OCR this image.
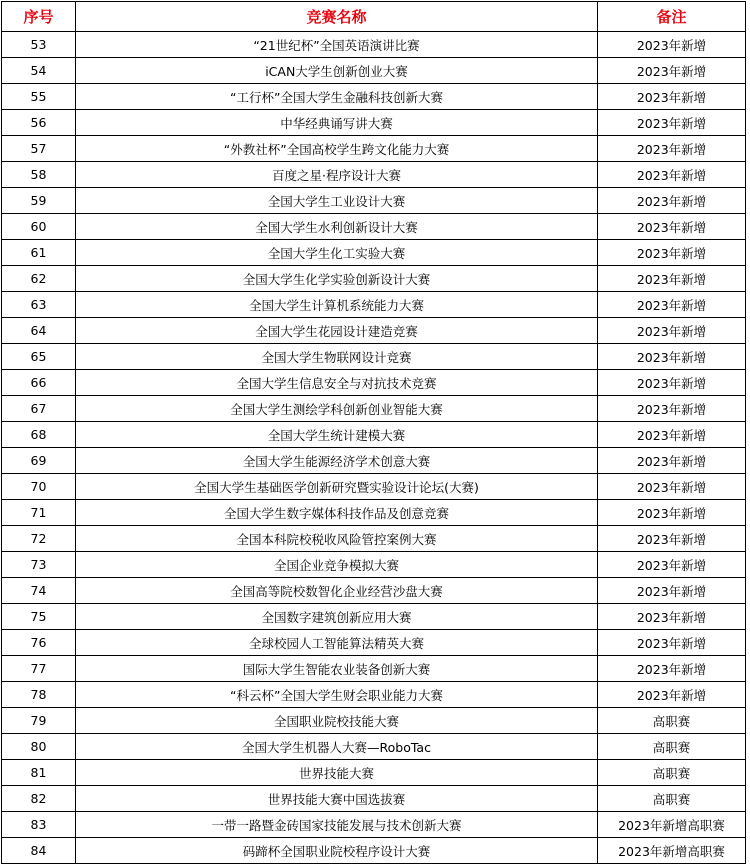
序号	竞赛名称	备注
53	“21世纪杯”全国英语演讲比赛	2023年新增
54	iCAN大学生创新创业大赛	2023年新增
55	“工行杯”全国大学生金融科技创新大赛	2023年新增
56	中华经典诵写讲大赛	2023年新增
57	“外教社杯”全国高校学生跨文化能力大赛	2023年新增
58	百度之星·程序设计大赛	2023年新增
59	全国大学生工业设计大赛	2023年新增
60	全国大学生水利创新设计大赛	2023年新增
61	全国大学生化工实验大赛	2023年新增
62	全国大学生化学实验创新设计大赛	2023年新增
63	全国大学生计算机系统能力大赛	2023年新增
64	全国大学生花园设计建造竞赛	2023年新增
65	全国大学生物联网设计竞赛	2023年新增
66	全国大学生信息安全与对抗技术竞赛	2023年新增
67	全国大学生测绘学科创新创业智能大赛	2023年新增
68	全国大学生统计建模大赛	2023年新增
69	全国大学生能源经济学术创意大赛	2023年新增
70	全国大学生基础医学创新研究暨实验设计论坛(大赛)	2023年新增
71	全国大学生数字媒体科技作品及创意竞赛	2023年新增
72	全国本科院校税收风险管控案例大赛	2023年新增
73	全国企业竞争模拟大赛	2023年新增
74	全国高等院校数智化企业经营沙盘大赛	2023年新增
75	全国数字建筑创新应用大赛	2023年新增
76	全球校园人工智能算法精英大赛	2023年新增
77	国际大学生智能农业装备创新大赛	2023年新增
78	“科云杯”全国大学生财会职业能力大赛	2023年新增
79	全国职业院校技能大赛	高职赛
80	全国大学生机器人大赛—RoboTac	高职赛
81	世界技能大赛	高职赛
82	世界技能大赛中国选拔赛	高职赛
83	一带一路暨金砖国家技能发展与技术创新大赛	2023年新增高职赛
84	码蹄杯全国职业院校程序设计大赛	2023年新增高职赛
